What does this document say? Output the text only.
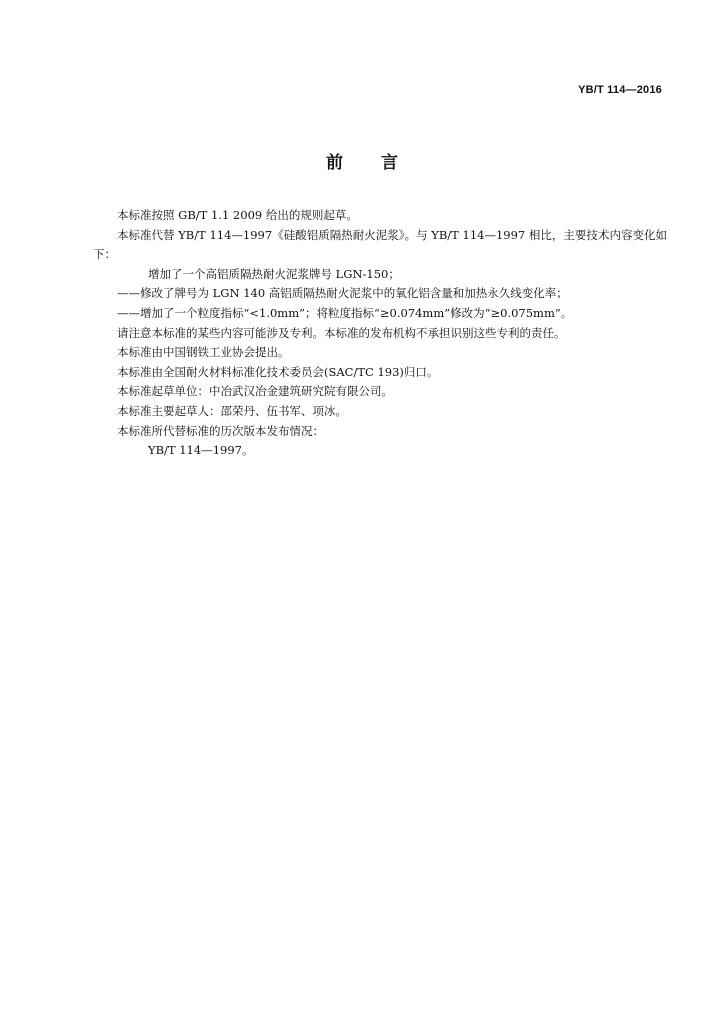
YB/T 114—2016
前 言

本标准按照 GB/T 1.1 2009 给出的规则起草。

本标准代替 YB/T 114—1997《硅酸铝质隔热耐火泥浆》。与 YB/T 114—1997 相比，主要技术内容变化如下：

增加了一个高铝质隔热耐火泥浆牌号 LGN-150；

——修改了牌号为 LGN 140 高铝质隔热耐火泥浆中的氧化铝含量和加热永久线变化率；

——增加了一个粒度指标“<1.0mm”；将粒度指标“≥0.074mm”修改为“≥0.075mm”。

请注意本标准的某些内容可能涉及专利。本标准的发布机构不承担识别这些专利的责任。

本标准由中国钢铁工业协会提出。

本标准由全国耐火材料标准化技术委员会(SAC/TC 193)归口。

本标准起草单位：中冶武汉冶金建筑研究院有限公司。

本标准主要起草人：邵荣丹、伍书军、项冰。

本标准所代替标准的历次版本发布情况：

YB/T 114—1997。
